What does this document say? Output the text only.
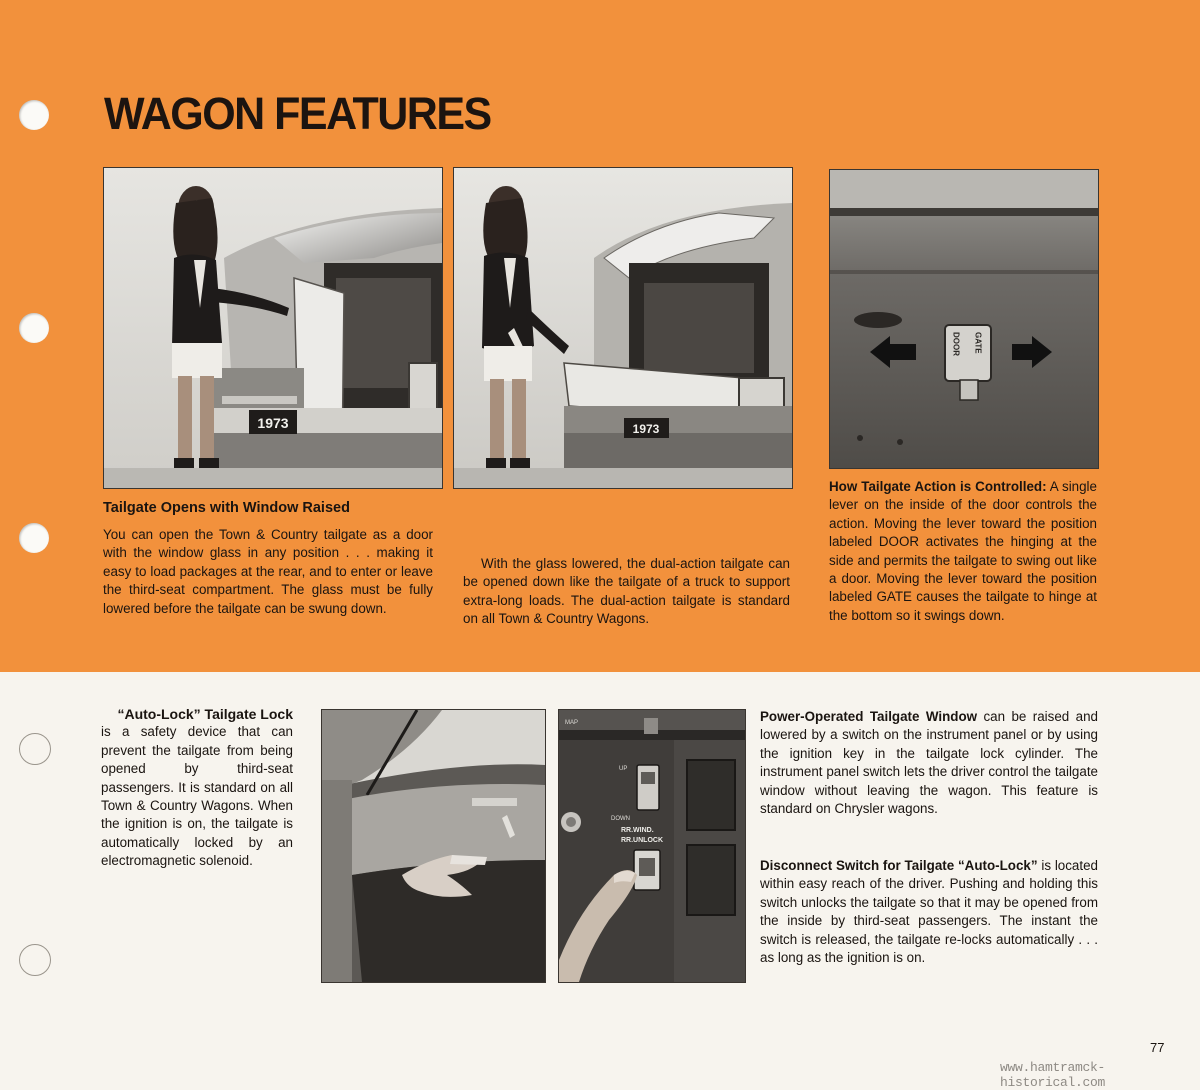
WAGON FEATURES
1973	1973
DOOR GATE
Tailgate Opens with Window Raised
You can open the Town & Country tailgate as a door with the window glass in any position . . . making it easy to load packages at the rear, and to enter or leave the third-seat compartment. The glass must be fully lowered before the tailgate can be swung down.
With the glass lowered, the dual-action tailgate can be opened down like the tailgate of a truck to support extra-long loads. The dual-action tailgate is standard on all Town & Country Wagons.
How Tailgate Action is Controlled: A single lever on the inside of the door controls the action. Moving the lever toward the position labeled DOOR activates the hinging at the side and permits the tailgate to swing out like a door. Moving the lever toward the position labeled GATE causes the tailgate to hinge at the bottom so it swings down.
“Auto-Lock” Tailgate Lock
is a safety device that can prevent the tailgate from being opened by third-seat passengers. It is standard on all Town & Country Wagons. When the ignition is on, the tailgate is automatically locked by an electromagnetic solenoid.
MAP
UP
DOWN
RR.WIND.
RR.UNLOCK
Power-Operated Tailgate Window can be raised and lowered by a switch on the instrument panel or by using the ignition key in the tailgate lock cylinder. The instrument panel switch lets the driver control the tailgate window without leaving the wagon. This feature is standard on Chrysler wagons.
Disconnect Switch for Tailgate “Auto-Lock” is located within easy reach of the driver. Pushing and holding this switch unlocks the tailgate so that it may be opened from the inside by third-seat passengers. The instant the switch is released, the tailgate re-locks automatically . . . as long as the ignition is on.
77
www.hamtramck-historical.com
